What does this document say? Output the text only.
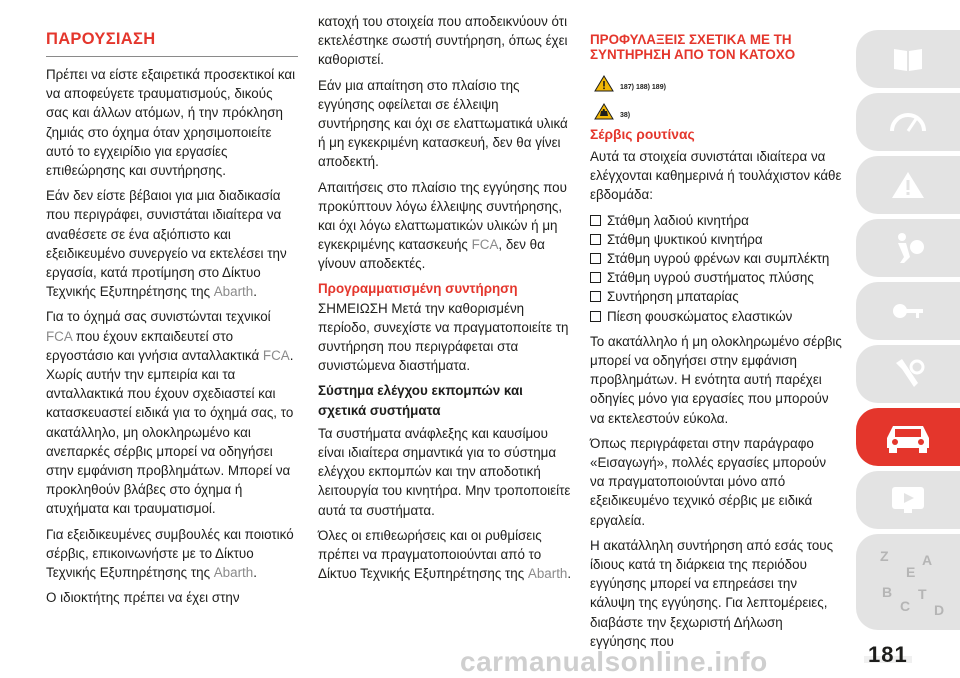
ΠΑΡΟΥΣΙΑΣΗ

Πρέπει να είστε εξαιρετικά προσεκτικοί και να αποφεύγετε τραυματισμούς, δικούς σας και άλλων ατόμων, ή την πρόκληση ζημιάς στο όχημα όταν χρησιμοποιείτε αυτό το εγχειρίδιο για εργασίες επιθεώρησης και συντήρησης.

Εάν δεν είστε βέβαιοι για μια διαδικασία που περιγράφει, συνιστάται ιδιαίτερα να αναθέσετε σε ένα αξιόπιστο και εξειδικευμένο συνεργείο να εκτελέσει την εργασία, κατά προτίμηση στο Δίκτυο Τεχνικής Εξυπηρέτησης της Abarth.

Για το όχημά σας συνιστώνται τεχνικοί FCA που έχουν εκπαιδευτεί στο εργοστάσιο και γνήσια ανταλλακτικά FCA. Χωρίς αυτήν την εμπειρία και τα ανταλλακτικά που έχουν σχεδιαστεί και κατασκευαστεί ειδικά για το όχημά σας, το ακατάλληλο, μη ολοκληρωμένο και ανεπαρκές σέρβις μπορεί να οδηγήσει στην εμφάνιση προβλημάτων. Μπορεί να προκληθούν βλάβες στο όχημα ή ατυχήματα και τραυματισμοί.

Για εξειδικευμένες συμβουλές και ποιοτικό σέρβις, επικοινωνήστε με το Δίκτυο Τεχνικής Εξυπηρέτησης της Abarth.

Ο ιδιοκτήτης πρέπει να έχει στην

κατοχή του στοιχεία που αποδεικνύουν ότι εκτελέστηκε σωστή συντήρηση, όπως έχει καθοριστεί.

Εάν μια απαίτηση στο πλαίσιο της εγγύησης οφείλεται σε έλλειψη συντήρησης και όχι σε ελαττωματικά υλικά ή μη εγκεκριμένη κατασκευή, δεν θα γίνει αποδεκτή.

Απαιτήσεις στο πλαίσιο της εγγύησης που προκύπτουν λόγω έλλειψης συντήρησης, και όχι λόγω ελαττωματικών υλικών ή μη εγκεκριμένης κατασκευής FCA, δεν θα γίνουν αποδεκτές.

Προγραμματισμένη συντήρηση

ΣΗΜΕΙΩΣΗ Μετά την καθορισμένη περίοδο, συνεχίστε να πραγματοποιείτε τη συντήρηση που περιγράφεται στα συνιστώμενα διαστήματα.

Σύστημα ελέγχου εκπομπών και σχετικά συστήματα

Τα συστήματα ανάφλεξης και καυσίμου είναι ιδιαίτερα σημαντικά για το σύστημα ελέγχου εκπομπών και την αποδοτική λειτουργία του κινητήρα. Μην τροποποιείτε αυτά τα συστήματα.

Όλες οι επιθεωρήσεις και οι ρυθμίσεις πρέπει να πραγματοποιούνται από το Δίκτυο Τεχνικής Εξυπηρέτησης της Abarth.

ΠΡΟΦΥΛΑΞΕΙΣ ΣΧΕΤΙΚΑ ΜΕ ΤΗ ΣΥΝΤΗΡΗΣΗ ΑΠΟ ΤΟΝ ΚΑΤΟΧΟ
187) 188) 189)
38)
Σέρβις ρουτίνας

Αυτά τα στοιχεία συνιστάται ιδιαίτερα να ελέγχονται καθημερινά ή τουλάχιστον κάθε εβδομάδα:

Στάθμη λαδιού κινητήρα
Στάθμη ψυκτικού κινητήρα
Στάθμη υγρού φρένων και συμπλέκτη
Στάθμη υγρού συστήματος πλύσης
Συντήρηση μπαταρίας
Πίεση φουσκώματος ελαστικών

Το ακατάλληλο ή μη ολοκληρωμένο σέρβις μπορεί να οδηγήσει στην εμφάνιση προβλημάτων. Η ενότητα αυτή παρέχει οδηγίες μόνο για εργασίες που μπορούν να εκτελεστούν εύκολα.

Όπως περιγράφεται στην παράγραφο «Εισαγωγή», πολλές εργασίες μπορούν να πραγματοποιούνται μόνο από εξειδικευμένο τεχνικό σέρβις με ειδικά εργαλεία.

Η ακατάλληλη συντήρηση από εσάς τους ίδιους κατά τη διάρκεια της περιόδου εγγύησης μπορεί να επηρεάσει την κάλυψη της εγγύησης. Για λεπτομέρειες, διαβάστε την ξεχωριστή Δήλωση εγγύησης που

Z
E
A
B
C
T
D
carmanualsonline.info	181
